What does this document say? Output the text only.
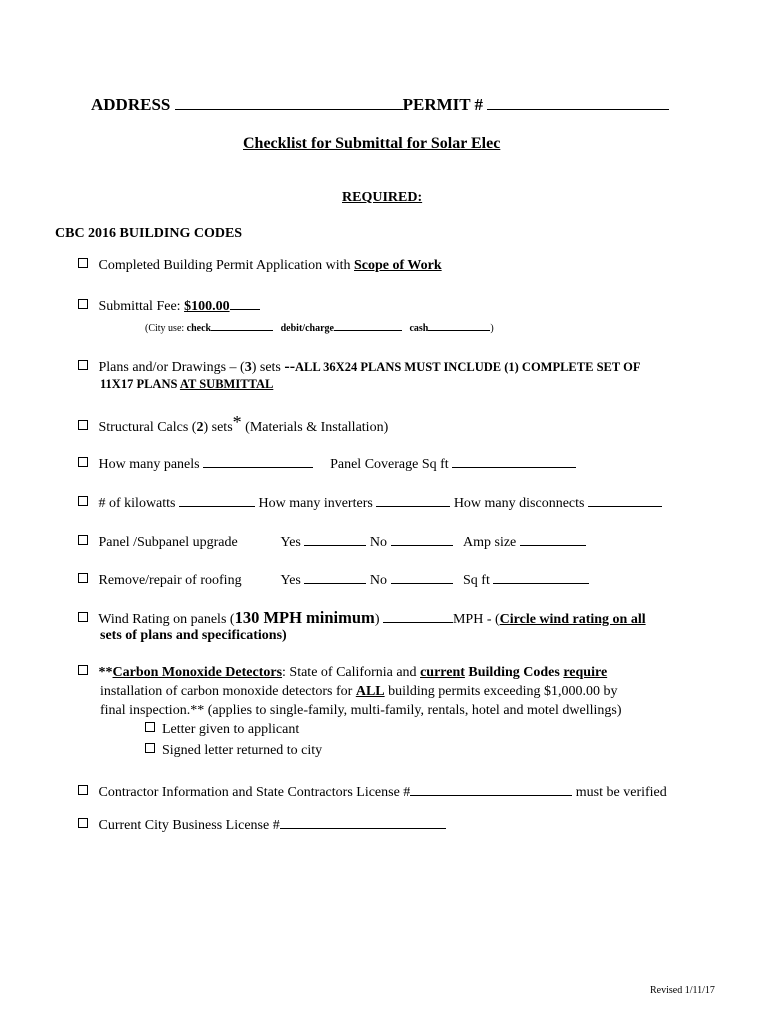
ADDRESS	PERMIT #
Checklist for Submittal for Solar Elec
REQUIRED:
CBC 2016 BUILDING CODES
Completed Building Permit Application with Scope of Work
Submittal Fee: $100.00
(City use: check	debit/charge	cash	)
Plans and/or Drawings – (3) sets --ALL 36X24 PLANS MUST INCLUDE (1) COMPLETE SET OF
11X17 PLANS AT SUBMITTAL
Structural Calcs (2) sets* (Materials & Installation)
How many panels	Panel Coverage Sq ft
# of kilowatts	How many inverters	How many disconnects
Panel /Subpanel upgrade	Yes	No	Amp size
Remove/repair of roofing	Yes	No	Sq ft
Wind Rating on panels (130 MPH minimum)	MPH - (Circle wind rating on all
sets of plans and specifications)
**Carbon Monoxide Detectors: State of California and current Building Codes require
installation of carbon monoxide detectors for ALL building permits exceeding $1,000.00 by
final inspection.** (applies to single-family, multi-family, rentals, hotel and motel dwellings)
Letter given to applicant
Signed letter returned to city
Contractor Information and State Contractors License #	must be verified
Current City Business License #
Revised 1/11/17
